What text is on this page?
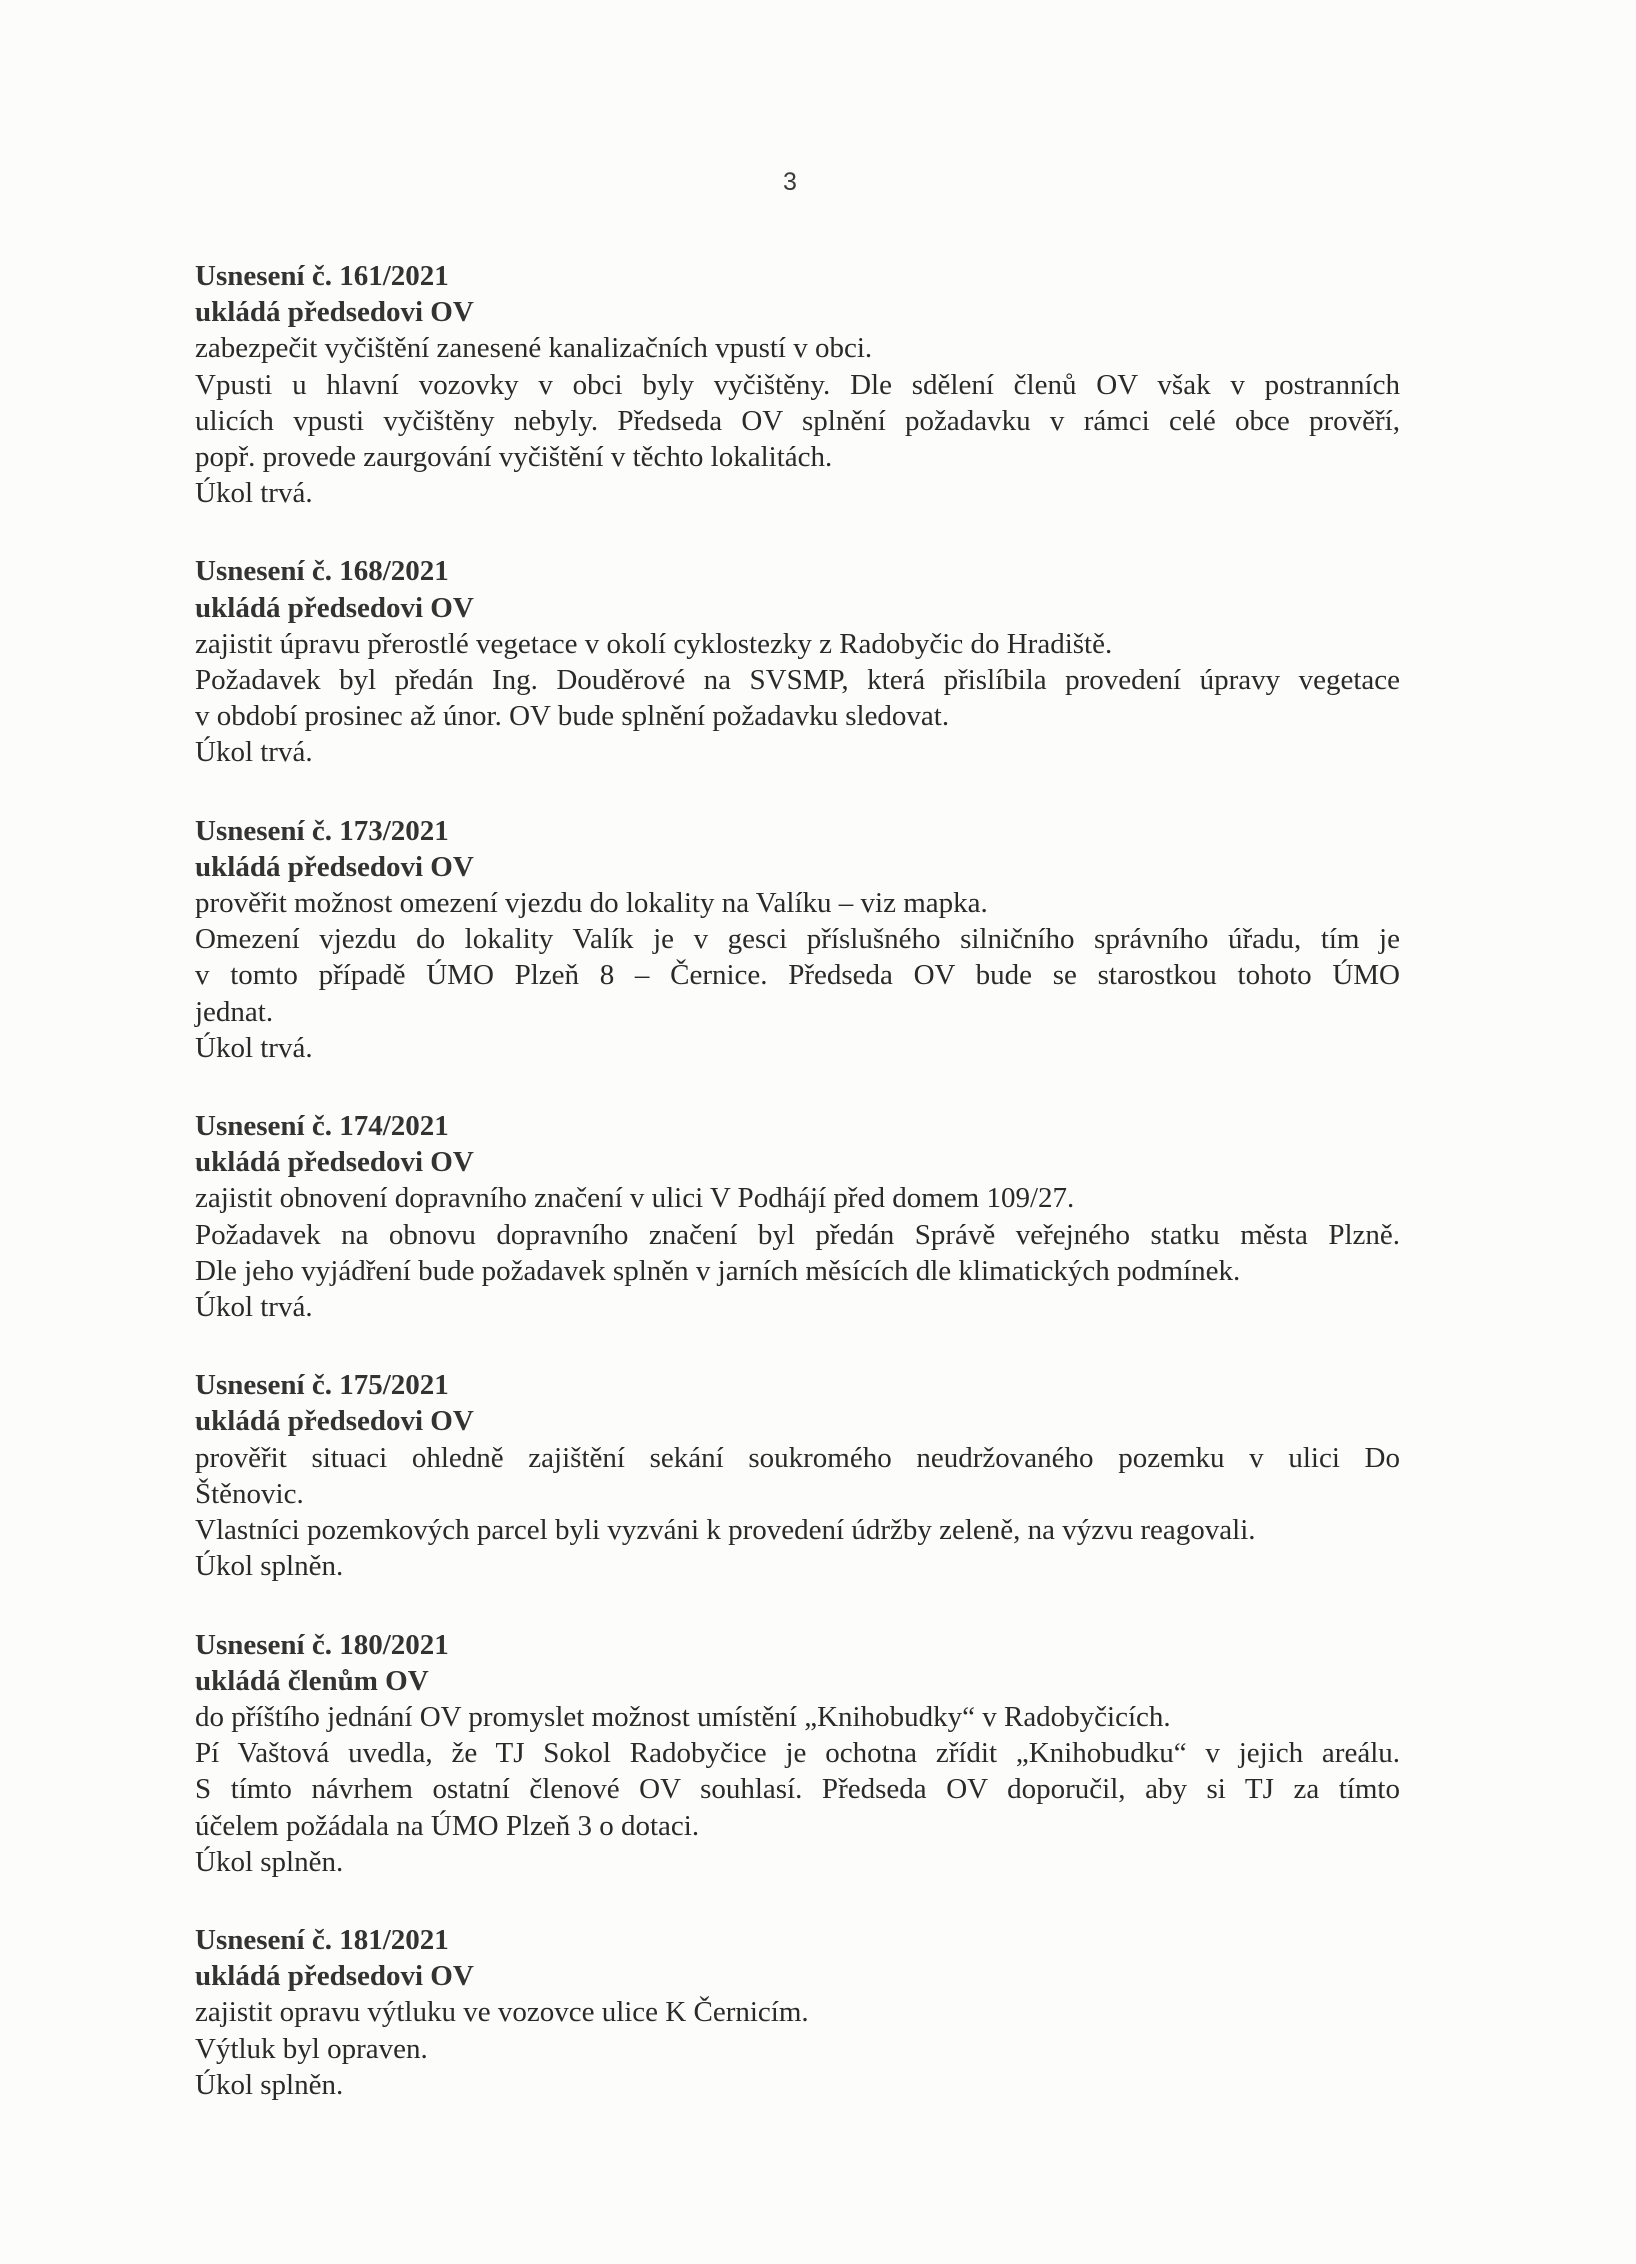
3
Usnesení č. 161/2021
ukládá předsedovi OV
zabezpečit vyčištění zanesené kanalizačních vpustí v obci.
Vpusti u hlavní vozovky v obci byly vyčištěny. Dle sdělení členů OV však v postranních
ulicích vpusti vyčištěny nebyly. Předseda OV splnění požadavku v rámci celé obce prověří,
popř. provede zaurgování vyčištění v těchto lokalitách.
Úkol trvá.
Usnesení č. 168/2021
ukládá předsedovi OV
zajistit úpravu přerostlé vegetace v okolí cyklostezky z Radobyčic do Hradiště.
Požadavek byl předán Ing. Douděrové na SVSMP, která přislíbila provedení úpravy vegetace
v období prosinec až únor. OV bude splnění požadavku sledovat.
Úkol trvá.
Usnesení č. 173/2021
ukládá předsedovi OV
prověřit možnost omezení vjezdu do lokality na Valíku – viz mapka.
Omezení vjezdu do lokality Valík je v gesci příslušného silničního správního úřadu, tím je
v tomto případě ÚMO Plzeň 8 – Černice. Předseda OV bude se starostkou tohoto ÚMO
jednat.
Úkol trvá.
Usnesení č. 174/2021
ukládá předsedovi OV
zajistit obnovení dopravního značení v ulici V Podhájí před domem 109/27.
Požadavek na obnovu dopravního značení byl předán Správě veřejného statku města Plzně.
Dle jeho vyjádření bude požadavek splněn v jarních měsících dle klimatických podmínek.
Úkol trvá.
Usnesení č. 175/2021
ukládá předsedovi OV
prověřit situaci ohledně zajištění sekání soukromého neudržovaného pozemku v ulici Do
Štěnovic.
Vlastníci pozemkových parcel byli vyzváni k provedení údržby zeleně, na výzvu reagovali.
Úkol splněn.
Usnesení č. 180/2021
ukládá členům OV
do příštího jednání OV promyslet možnost umístění „Knihobudky“ v Radobyčicích.
Pí Vaštová uvedla, že TJ Sokol Radobyčice je ochotna zřídit „Knihobudku“ v jejich areálu.
S tímto návrhem ostatní členové OV souhlasí. Předseda OV doporučil, aby si TJ za tímto
účelem požádala na ÚMO Plzeň 3 o dotaci.
Úkol splněn.
Usnesení č. 181/2021
ukládá předsedovi OV
zajistit opravu výtluku ve vozovce ulice K Černicím.
Výtluk byl opraven.
Úkol splněn.
